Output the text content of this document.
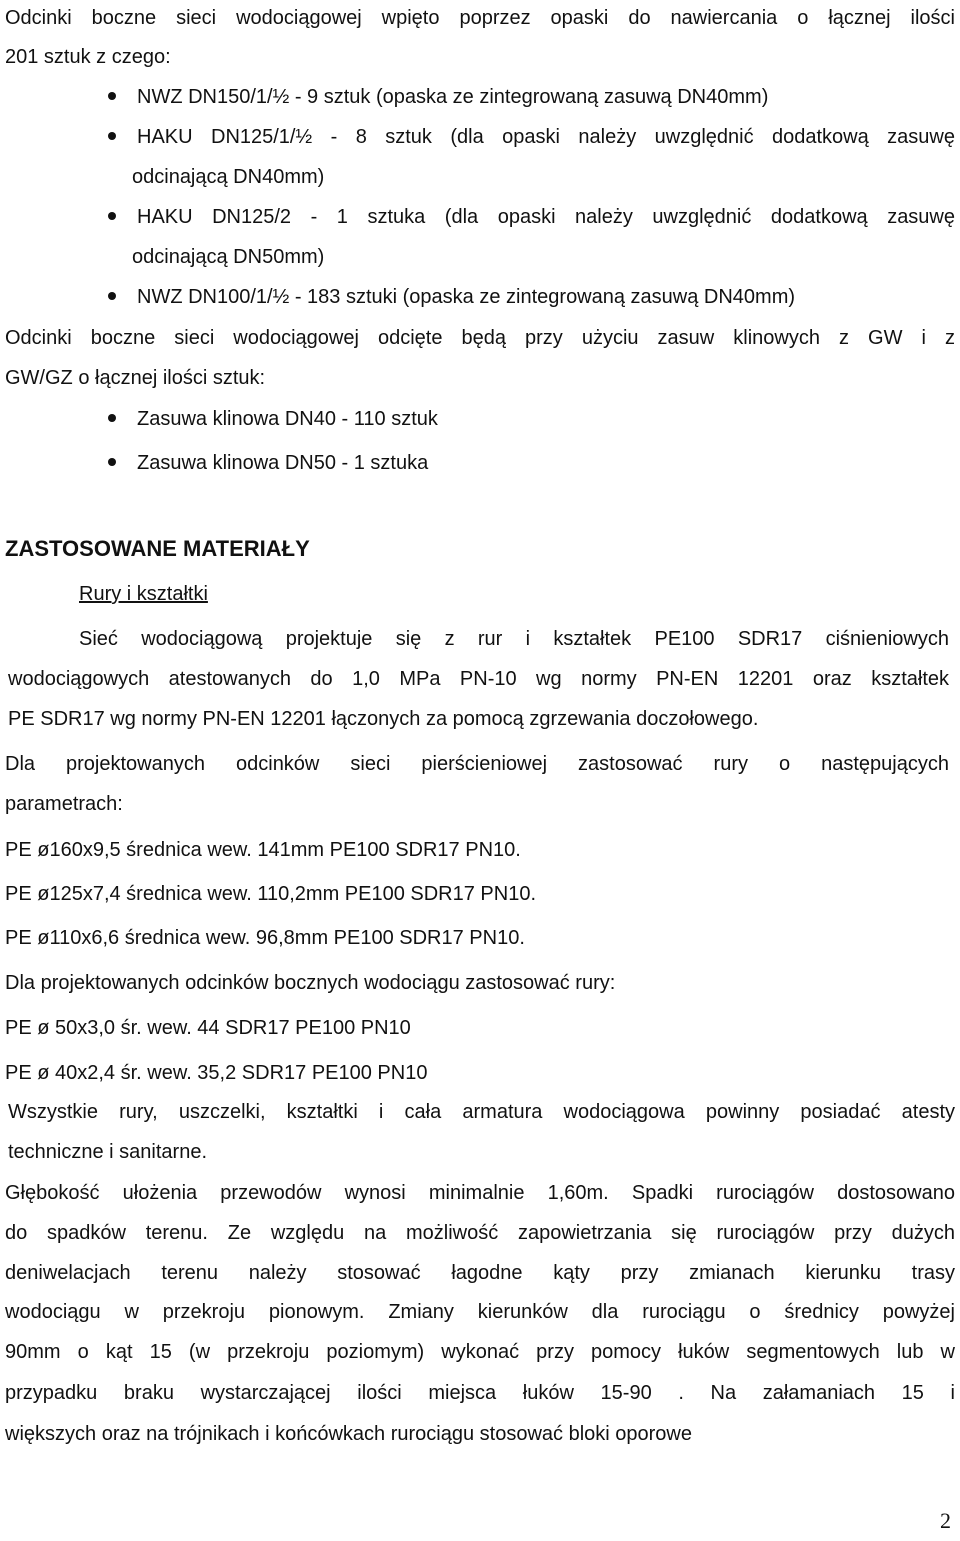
Odcinki boczne sieci wodociągowej wpięto poprzez opaski do nawiercania o łącznej ilości
201 sztuk z czego:
NWZ DN150/1/½ - 9 sztuk (opaska ze zintegrowaną zasuwą DN40mm)
HAKU DN125/1/½ - 8 sztuk (dla opaski należy uwzględnić dodatkową zasuwę
odcinającą DN40mm)
HAKU DN125/2 - 1 sztuka (dla opaski należy uwzględnić dodatkową zasuwę
odcinającą DN50mm)
NWZ DN100/1/½ - 183 sztuki (opaska ze zintegrowaną zasuwą DN40mm)
Odcinki boczne sieci wodociągowej odcięte będą przy użyciu zasuw klinowych z GW i z
GW/GZ o łącznej ilości sztuk:
Zasuwa klinowa DN40 - 110 sztuk
Zasuwa klinowa DN50 - 1 sztuka
ZASTOSOWANE MATERIAŁY
Rury i kształtki
Sieć wodociągową projektuje się z rur i kształtek PE100 SDR17 ciśnieniowych
wodociągowych atestowanych do 1,0 MPa PN-10 wg normy PN-EN 12201 oraz kształtek
PE SDR17 wg normy PN-EN 12201 łączonych za pomocą zgrzewania doczołowego.
Dla projektowanych odcinków sieci pierścieniowej zastosować rury o następujących
parametrach:
PE ø160x9,5 średnica wew. 141mm PE100 SDR17 PN10.
PE ø125x7,4 średnica wew. 110,2mm PE100 SDR17 PN10.
PE ø110x6,6 średnica wew. 96,8mm PE100 SDR17 PN10.
Dla projektowanych odcinków bocznych wodociągu zastosować rury:
PE ø 50x3,0 śr. wew. 44 SDR17 PE100 PN10
PE ø 40x2,4 śr. wew. 35,2 SDR17 PE100 PN10
Wszystkie rury, uszczelki, kształtki i cała armatura wodociągowa powinny posiadać atesty
techniczne i sanitarne.
Głębokość ułożenia przewodów wynosi minimalnie 1,60m. Spadki rurociągów dostosowano
do spadków terenu. Ze względu na możliwość zapowietrzania się rurociągów przy dużych
deniwelacjach terenu należy stosować łagodne kąty przy zmianach kierunku trasy
wodociągu w przekroju pionowym. Zmiany kierunków dla rurociągu o średnicy powyżej
90mm o kąt 15 (w przekroju poziomym) wykonać przy pomocy łuków segmentowych lub w
przypadku braku wystarczającej ilości miejsca łuków 15-90 . Na załamaniach 15 i
większych oraz na trójnikach i końcówkach rurociągu stosować bloki oporowe
2
